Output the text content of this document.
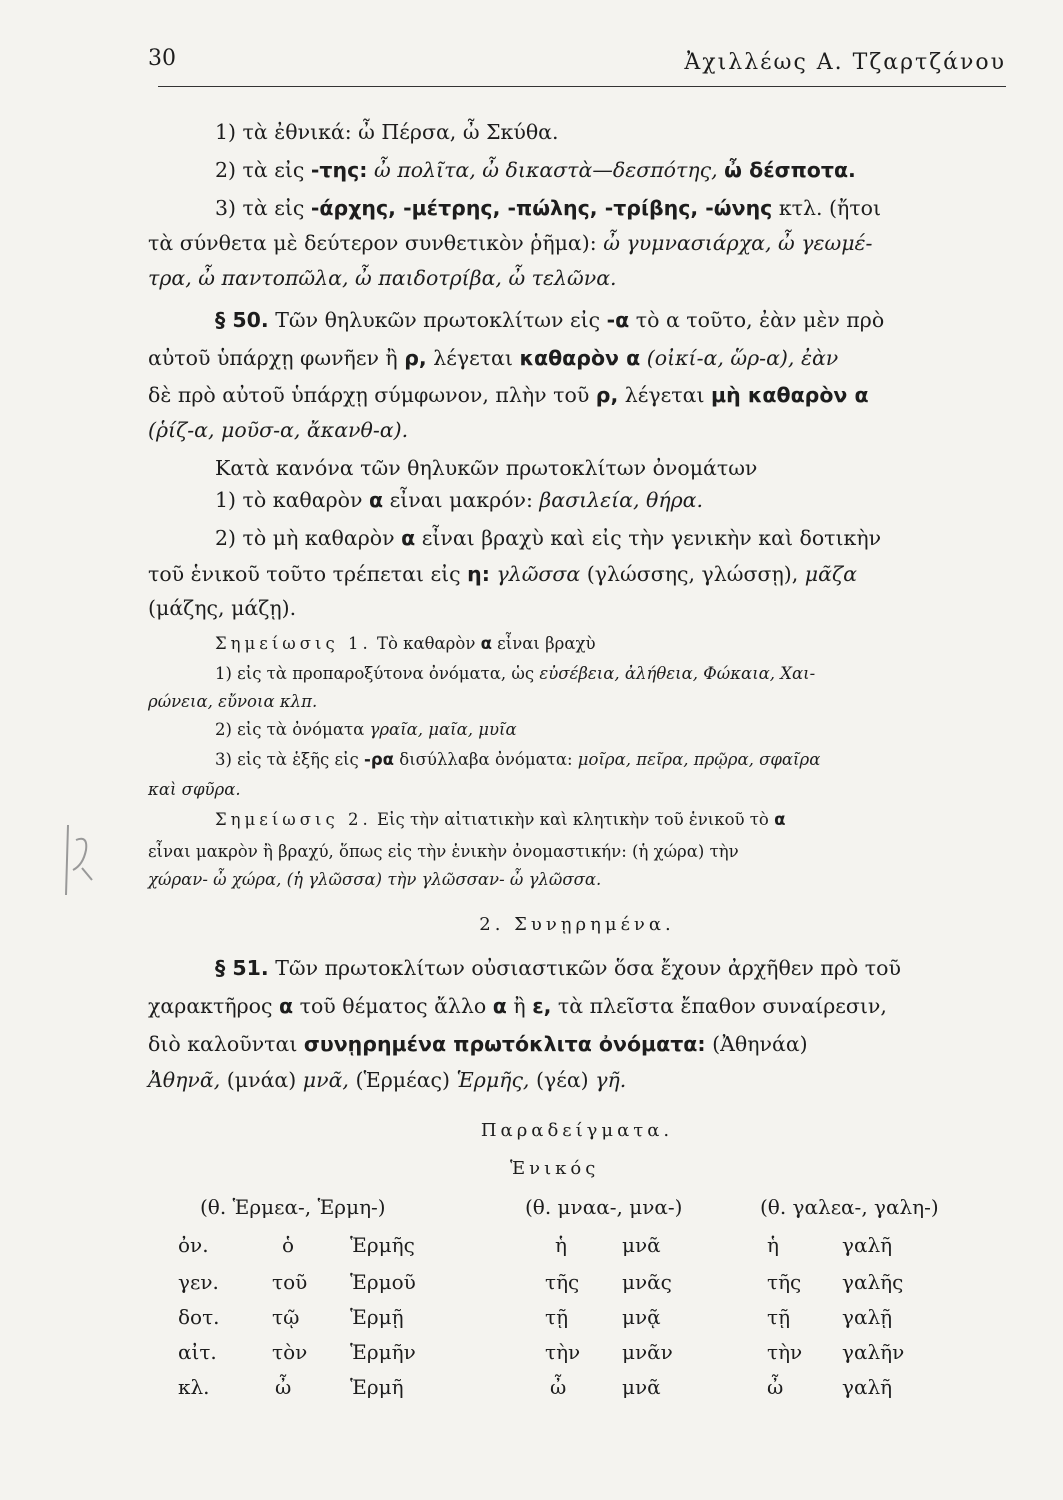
30	Ἀχιλλέως Α. Τζαρτζάνου
1) τὰ ἐθνικά: ὦ Πέρσα, ὦ Σκύθα.
2) τὰ εἰς -της: ὦ πολῖτα, ὦ δικαστὰ—δεσπότης, ὦ δέσποτα.
3) τὰ εἰς -άρχης, -μέτρης, -πώλης, -τρίβης, -ώνης κτλ. (ἤτοι
τὰ σύνθετα μὲ δεύτερον συνθετικὸν ῥῆμα): ὦ γυμνασιάρχα, ὦ γεωμέ-
τρα, ὦ παντοπῶλα, ὦ παιδοτρίβα, ὦ τελῶνα.
§ 50. Τῶν θηλυκῶν πρωτοκλίτων εἰς -α τὸ α τοῦτο, ἐὰν μὲν πρὸ
αὐτοῦ ὑπάρχῃ φωνῆεν ἢ ρ, λέγεται καθαρὸν α (οἰκί-α, ὥρ-α), ἐὰν
δὲ πρὸ αὐτοῦ ὑπάρχῃ σύμφωνον, πλὴν τοῦ ρ, λέγεται μὴ καθαρὸν α
(ῥίζ-α, μοῦσ-α, ἄκανθ-α).
Κατὰ κανόνα τῶν θηλυκῶν πρωτοκλίτων ὀνομάτων
1) τὸ καθαρὸν α εἶναι μακρόν: βασιλεία, θήρα.
2) τὸ μὴ καθαρὸν α εἶναι βραχὺ καὶ εἰς τὴν γενικὴν καὶ δοτικὴν
τοῦ ἑνικοῦ τοῦτο τρέπεται εἰς η: γλῶσσα (γλώσσης, γλώσσῃ), μᾶζα
(μάζης, μάζῃ).
Σημείωσις 1. Τὸ καθαρὸν α εἶναι βραχὺ
1) εἰς τὰ προπαροξύτονα ὀνόματα, ὡς εὐσέβεια, ἀλήθεια, Φώκαια, Χαι-
ρώνεια, εὔνοια κλπ.
2) εἰς τὰ ὀνόματα γραῖα, μαῖα, μυῖα
3) εἰς τὰ ἑξῆς εἰς -ρα δισύλλαβα ὀνόματα: μοῖρα, πεῖρα, πρῷρα, σφαῖρα
καὶ σφῦρα.
Σημείωσις 2. Εἰς τὴν αἰτιατικὴν καὶ κλητικὴν τοῦ ἑνικοῦ τὸ α
εἶναι μακρὸν ἢ βραχύ, ὅπως εἰς τὴν ἑνικὴν ὀνομαστικήν: (ἡ χώρα) τὴν
χώραν- ὦ χώρα, (ἡ γλῶσσα) τὴν γλῶσσαν- ὦ γλῶσσα.
2. Συνῃρημένα.
§ 51. Τῶν πρωτοκλίτων οὐσιαστικῶν ὅσα ἔχουν ἀρχῆθεν πρὸ τοῦ
χαρακτῆρος α τοῦ θέματος ἄλλο α ἢ ε, τὰ πλεῖστα ἔπαθον συναίρεσιν,
διὸ καλοῦνται συνῃρημένα πρωτόκλιτα ὀνόματα: (Ἀθηνάα)
Ἀθηνᾶ, (μνάα) μνᾶ, (Ἑρμέας) Ἑρμῆς, (γέα) γῆ.
Παραδείγματα.
Ἑνικός
(θ. Ἑρμεα-, Ἑρμη-)	(θ. μναα-, μνα-)	(θ. γαλεα-, γαλη-)
ὀν.	ὁ	Ἑρμῆς	ἡ	μνᾶ	ἡ	γαλῆ
γεν.	τοῦ Ἑρμοῦ	τῆς μνᾶς	τῆς γαλῆς
δοτ.	τῷ	Ἑρμῇ	τῇ	μνᾷ	τῇ	γαλῇ
αἰτ.	τὸν Ἑρμῆν	τὴν μνᾶν	τὴν γαλῆν
κλ.	ὦ	Ἑρμῆ	ὦ	μνᾶ	ὦ	γαλῆ
